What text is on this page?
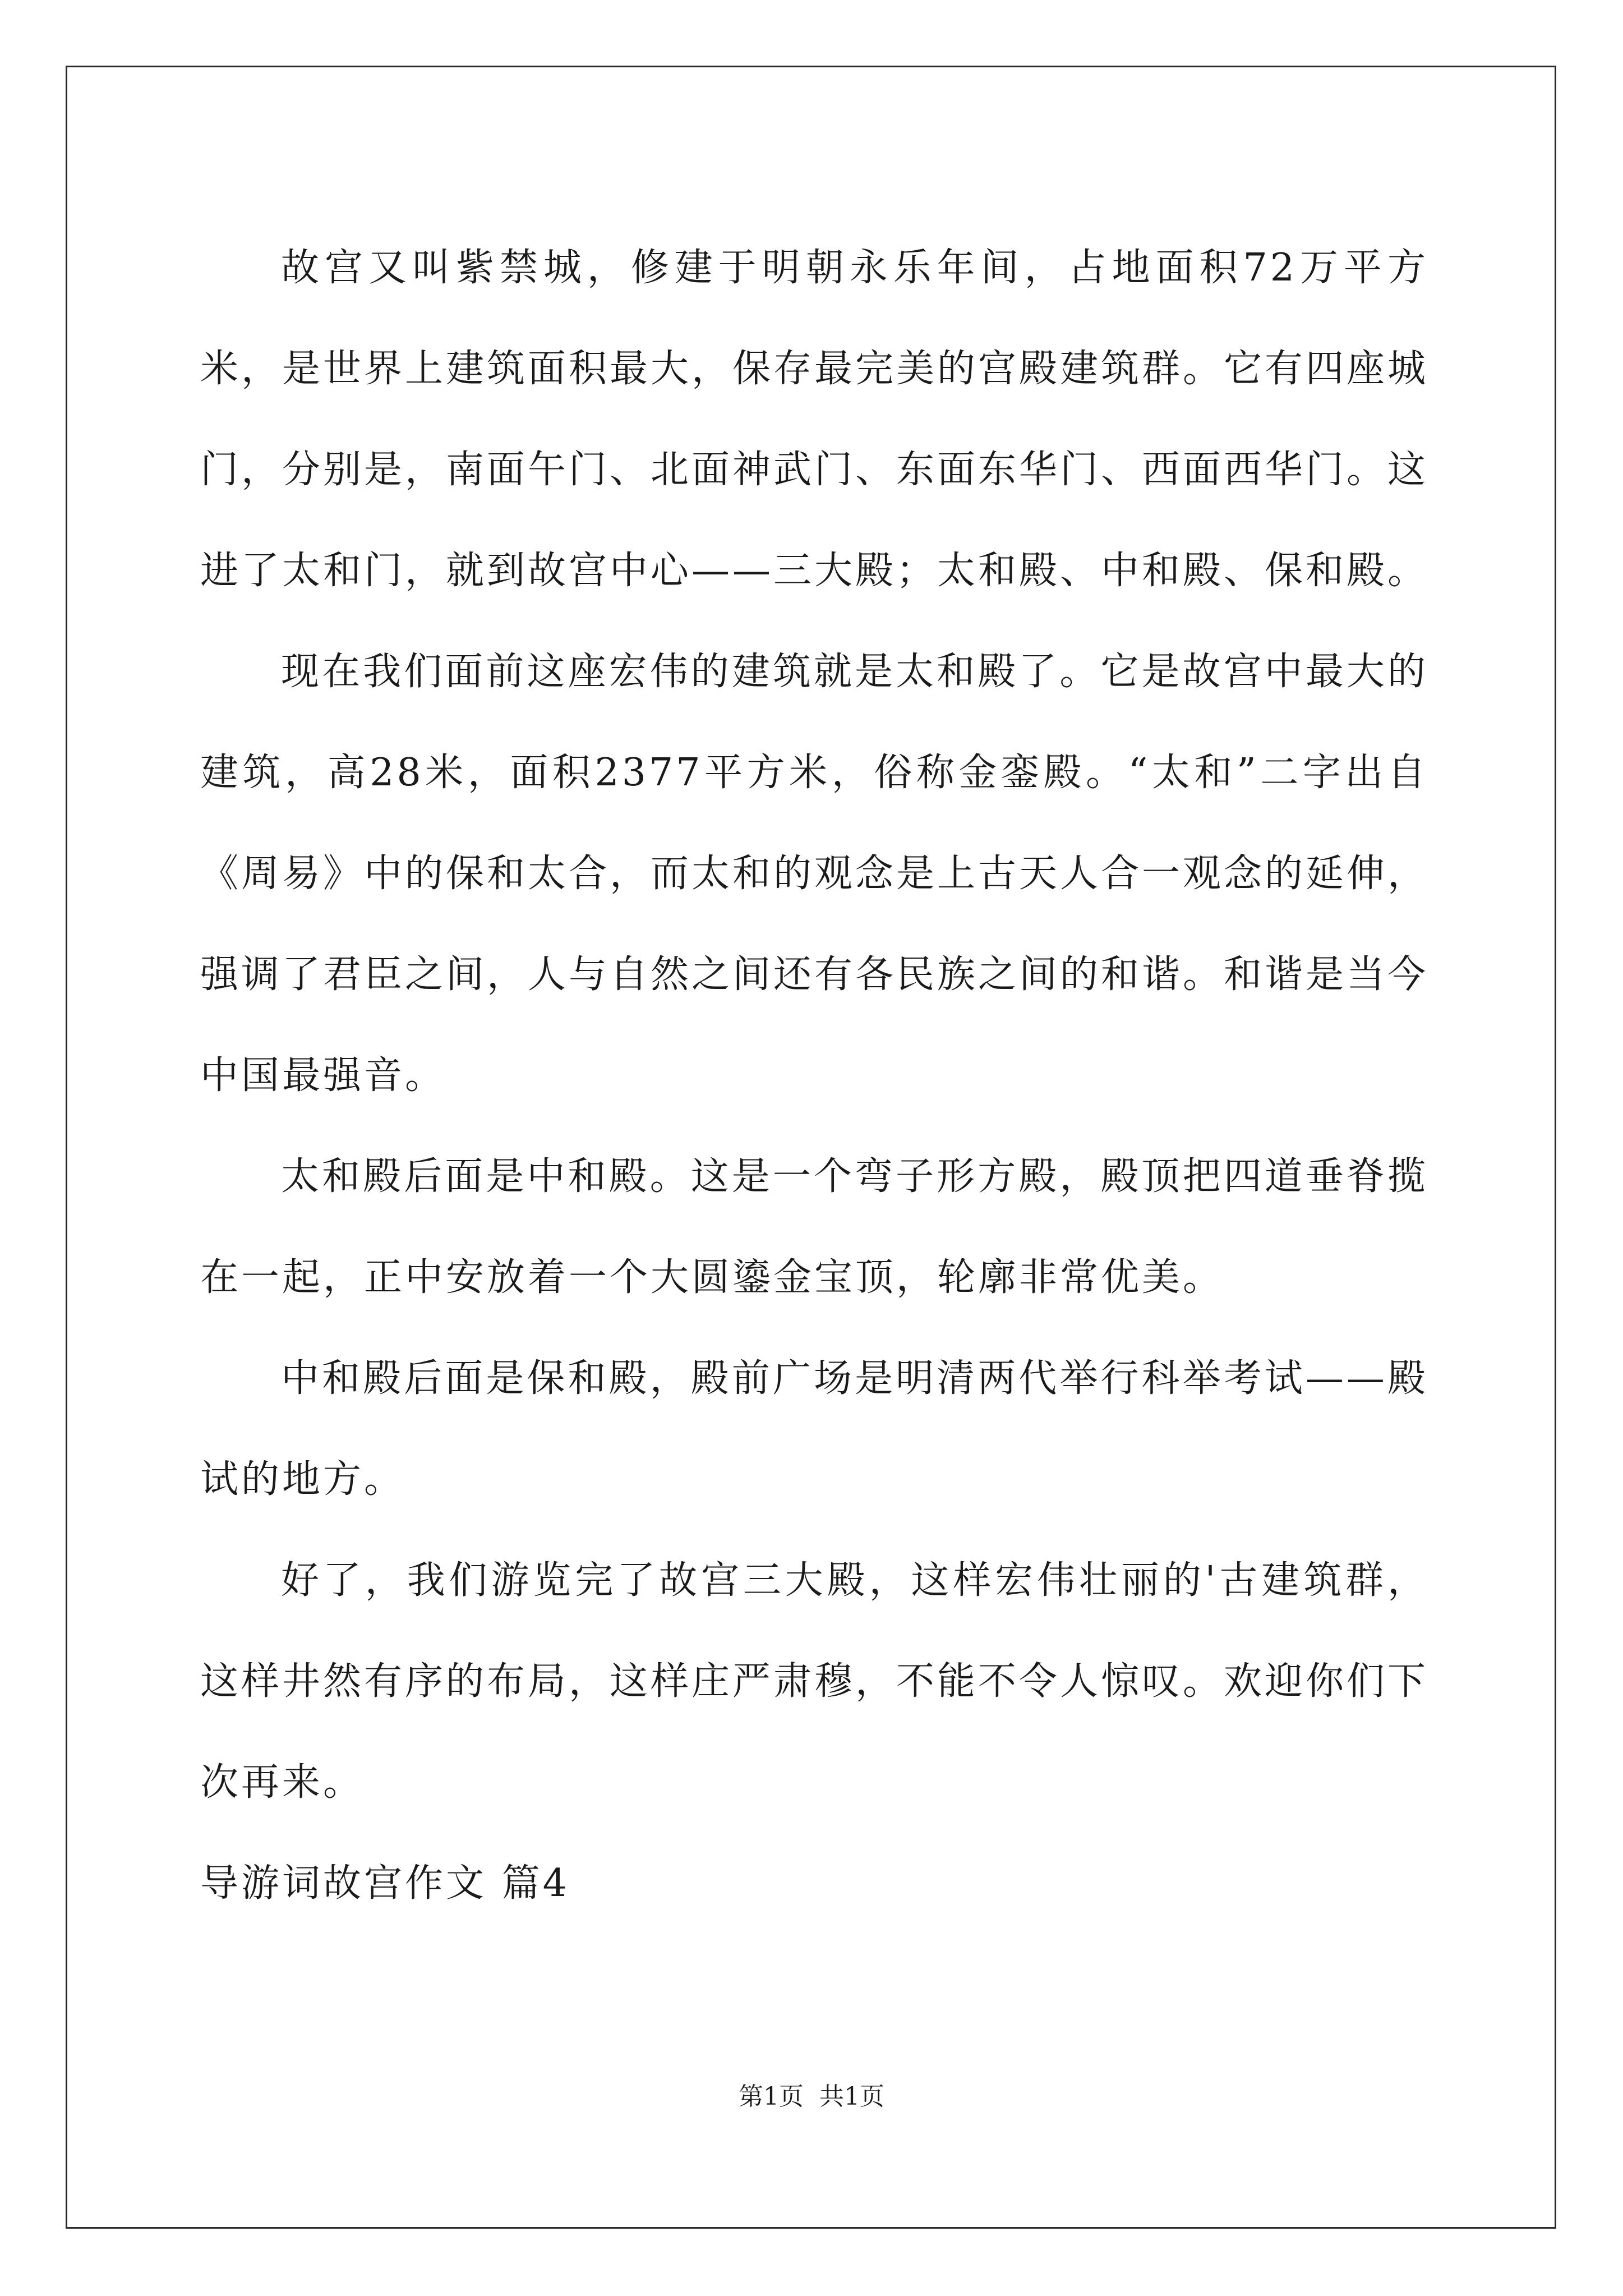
故宫又叫紫禁城，修建于明朝永乐年间，占地面积72万平方米，是世界上建筑面积最大，保存最完美的宫殿建筑群。它有四座城门，分别是，南面午门、北面神武门、东面东华门、西面西华门。这进了太和门，就到故宫中心——三大殿；太和殿、中和殿、保和殿。

现在我们面前这座宏伟的建筑就是太和殿了。它是故宫中最大的建筑，高28米，面积2377平方米，俗称金銮殿。“太和”二字出自《周易》中的保和太合，而太和的观念是上古天人合一观念的延伸，强调了君臣之间，人与自然之间还有各民族之间的和谐。和谐是当今中国最强音。

太和殿后面是中和殿。这是一个弯子形方殿，殿顶把四道垂脊揽在一起，正中安放着一个大圆鎏金宝顶，轮廓非常优美。

中和殿后面是保和殿，殿前广场是明清两代举行科举考试——殿试的地方。

好了，我们游览完了故宫三大殿，这样宏伟壮丽的'古建筑群，这样井然有序的布局，这样庄严肃穆，不能不令人惊叹。欢迎你们下次再来。

导游词故宫作文 篇4

第1页  共1页
